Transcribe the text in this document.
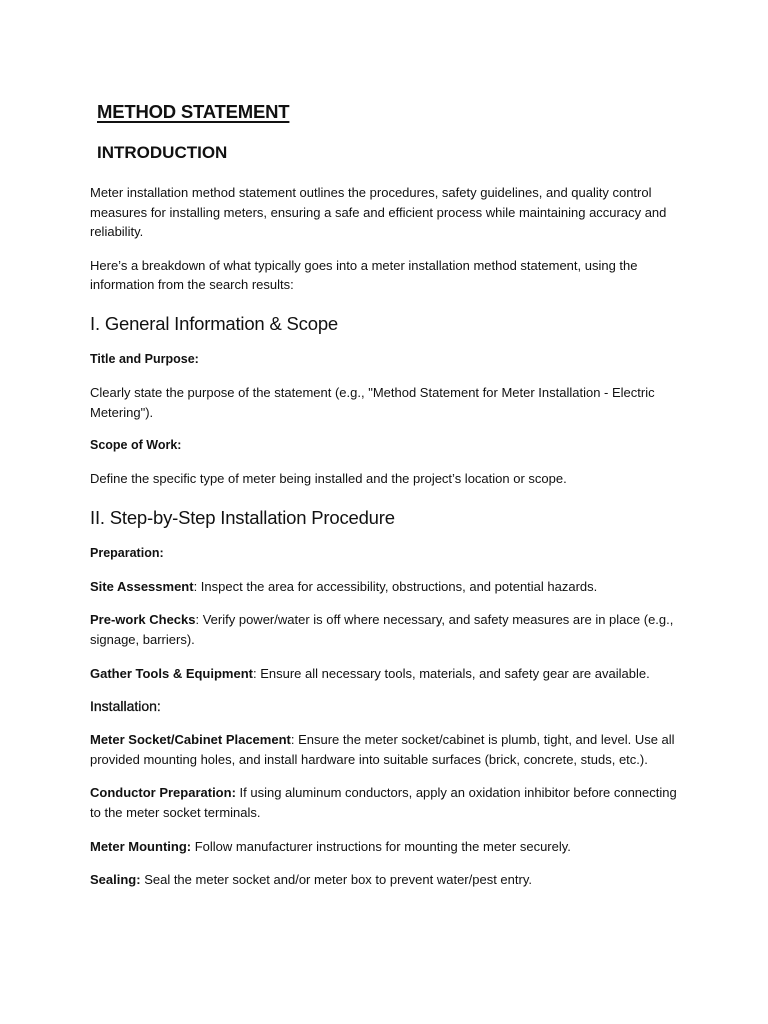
METHOD STATEMENT
INTRODUCTION

Meter installation method statement outlines the procedures, safety guidelines, and quality control measures for installing meters, ensuring a safe and efficient process while maintaining accuracy and reliability.

Here’s a breakdown of what typically goes into a meter installation method statement, using the information from the search results:

I. General Information & Scope

Title and Purpose:

Clearly state the purpose of the statement (e.g., "Method Statement for Meter Installation - Electric Metering").

Scope of Work:

Define the specific type of meter being installed and the project’s location or scope.

II. Step-by-Step Installation Procedure

Preparation:

Site Assessment: Inspect the area for accessibility, obstructions, and potential hazards.

Pre-work Checks: Verify power/water is off where necessary, and safety measures are in place (e.g., signage, barriers).

Gather Tools & Equipment: Ensure all necessary tools, materials, and safety gear are available.

Installation:

Meter Socket/Cabinet Placement: Ensure the meter socket/cabinet is plumb, tight, and level. Use all provided mounting holes, and install hardware into suitable surfaces (brick, concrete, studs, etc.).

Conductor Preparation: If using aluminum conductors, apply an oxidation inhibitor before connecting to the meter socket terminals.

Meter Mounting: Follow manufacturer instructions for mounting the meter securely.

Sealing: Seal the meter socket and/or meter box to prevent water/pest entry.
